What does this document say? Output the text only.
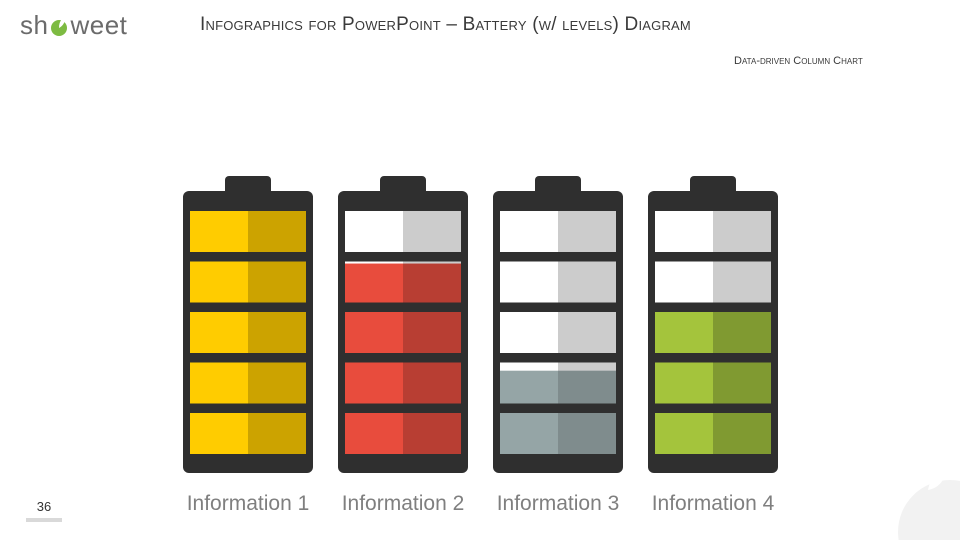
sh weet	Infographics for PowerPoint – Battery (w/ levels) Diagram
Data-driven Column Chart
Information 1 Information 2 Information 3 Information 4
36
